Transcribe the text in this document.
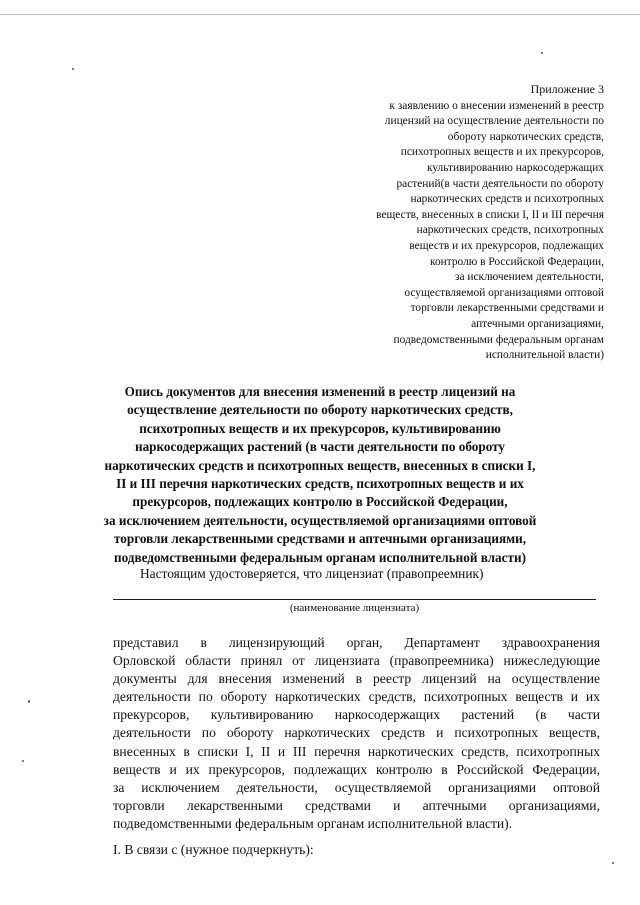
Приложение 3
к заявлению о внесении изменений в реестр
лицензий на осуществление деятельности по
обороту наркотических средств,
психотропных веществ и их прекурсоров,
культивированию наркосодержащих
растений(в части деятельности по обороту
наркотических средств и психотропных
веществ, внесенных в списки I, II и III перечня
наркотических средств, психотропных
веществ и их прекурсоров, подлежащих
контролю в Российской Федерации,
за исключением деятельности,
осуществляемой организациями оптовой
торговли лекарственными средствами и
аптечными организациями,
подведомственными федеральным органам
исполнительной власти)
Опись документов для внесения изменений в реестр лицензий на
осуществление деятельности по обороту наркотических средств,
психотропных веществ и их прекурсоров, культивированию
наркосодержащих растений (в части деятельности по обороту
наркотических средств и психотропных веществ, внесенных в списки I,
II и III перечня наркотических средств, психотропных веществ и их
прекурсоров, подлежащих контролю в Российской Федерации,
за исключением деятельности, осуществляемой организациями оптовой
торговли лекарственными средствами и аптечными организациями,
подведомственными федеральным органам исполнительной власти)
Настоящим удостоверяется, что лицензиат (правопреемник)
(наименование лицензиата)
представил в лицензирующий орган, Департамент здравоохранения
Орловской области принял от лицензиата (правопреемника) нижеследующие
документы для внесения изменений в реестр лицензий на осуществление
деятельности по обороту наркотических средств, психотропных веществ и их
прекурсоров, культивированию наркосодержащих растений (в части
деятельности по обороту наркотических средств и психотропных веществ,
внесенных в списки I, II и III перечня наркотических средств, психотропных
веществ и их прекурсоров, подлежащих контролю в Российской Федерации,
за исключением деятельности, осуществляемой организациями оптовой
торговли лекарственными средствами и аптечными организациями,
подведомственными федеральным органам исполнительной власти).
I. В связи с (нужное подчеркнуть):
